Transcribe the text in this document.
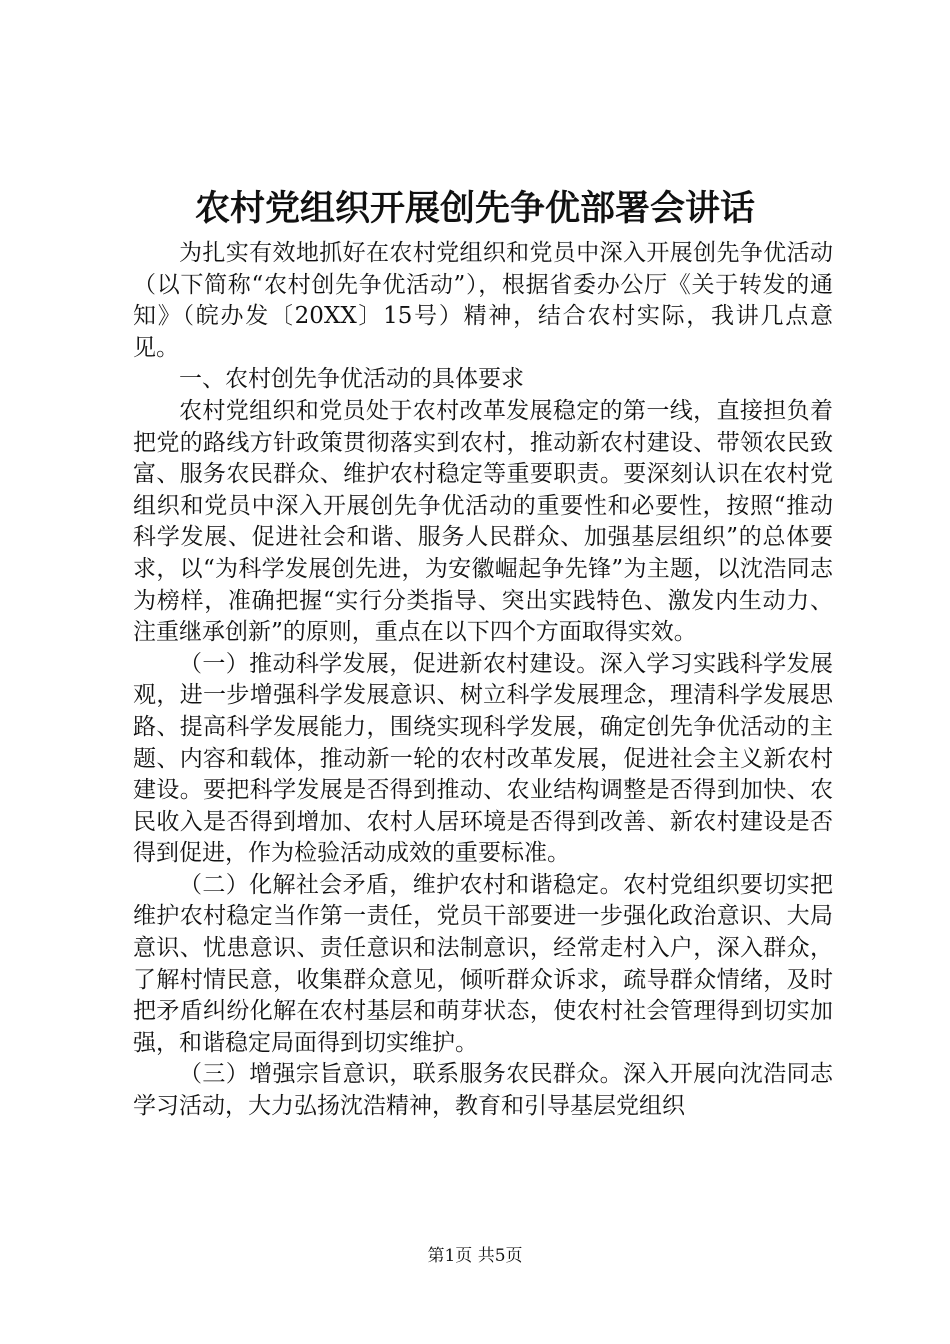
农村党组织开展创先争优部署会讲话

为扎实有效地抓好在农村党组织和党员中深入开展创先争优活动（以下简称“农村创先争优活动”），根据省委办公厅《关于转发的通知》（皖办发〔20XX〕15号）精神，结合农村实际，我讲几点意见。

一、农村创先争优活动的具体要求

农村党组织和党员处于农村改革发展稳定的第一线，直接担负着把党的路线方针政策贯彻落实到农村，推动新农村建设、带领农民致富、服务农民群众、维护农村稳定等重要职责。要深刻认识在农村党组织和党员中深入开展创先争优活动的重要性和必要性，按照“推动科学发展、促进社会和谐、服务人民群众、加强基层组织”的总体要求，以“为科学发展创先进，为安徽崛起争先锋”为主题，以沈浩同志为榜样，准确把握“实行分类指导、突出实践特色、激发内生动力、注重继承创新”的原则，重点在以下四个方面取得实效。

（一）推动科学发展，促进新农村建设。深入学习实践科学发展观，进一步增强科学发展意识、树立科学发展理念，理清科学发展思路、提高科学发展能力，围绕实现科学发展，确定创先争优活动的主题、内容和载体，推动新一轮的农村改革发展，促进社会主义新农村建设。要把科学发展是否得到推动、农业结构调整是否得到加快、农民收入是否得到增加、农村人居环境是否得到改善、新农村建设是否得到促进，作为检验活动成效的重要标准。

（二）化解社会矛盾，维护农村和谐稳定。农村党组织要切实把维护农村稳定当作第一责任，党员干部要进一步强化政治意识、大局意识、忧患意识、责任意识和法制意识，经常走村入户，深入群众，了解村情民意，收集群众意见，倾听群众诉求，疏导群众情绪，及时把矛盾纠纷化解在农村基层和萌芽状态，使农村社会管理得到切实加强，和谐稳定局面得到切实维护。

（三）增强宗旨意识，联系服务农民群众。深入开展向沈浩同志学习活动，大力弘扬沈浩精神，教育和引导基层党组织

第1页 共5页
